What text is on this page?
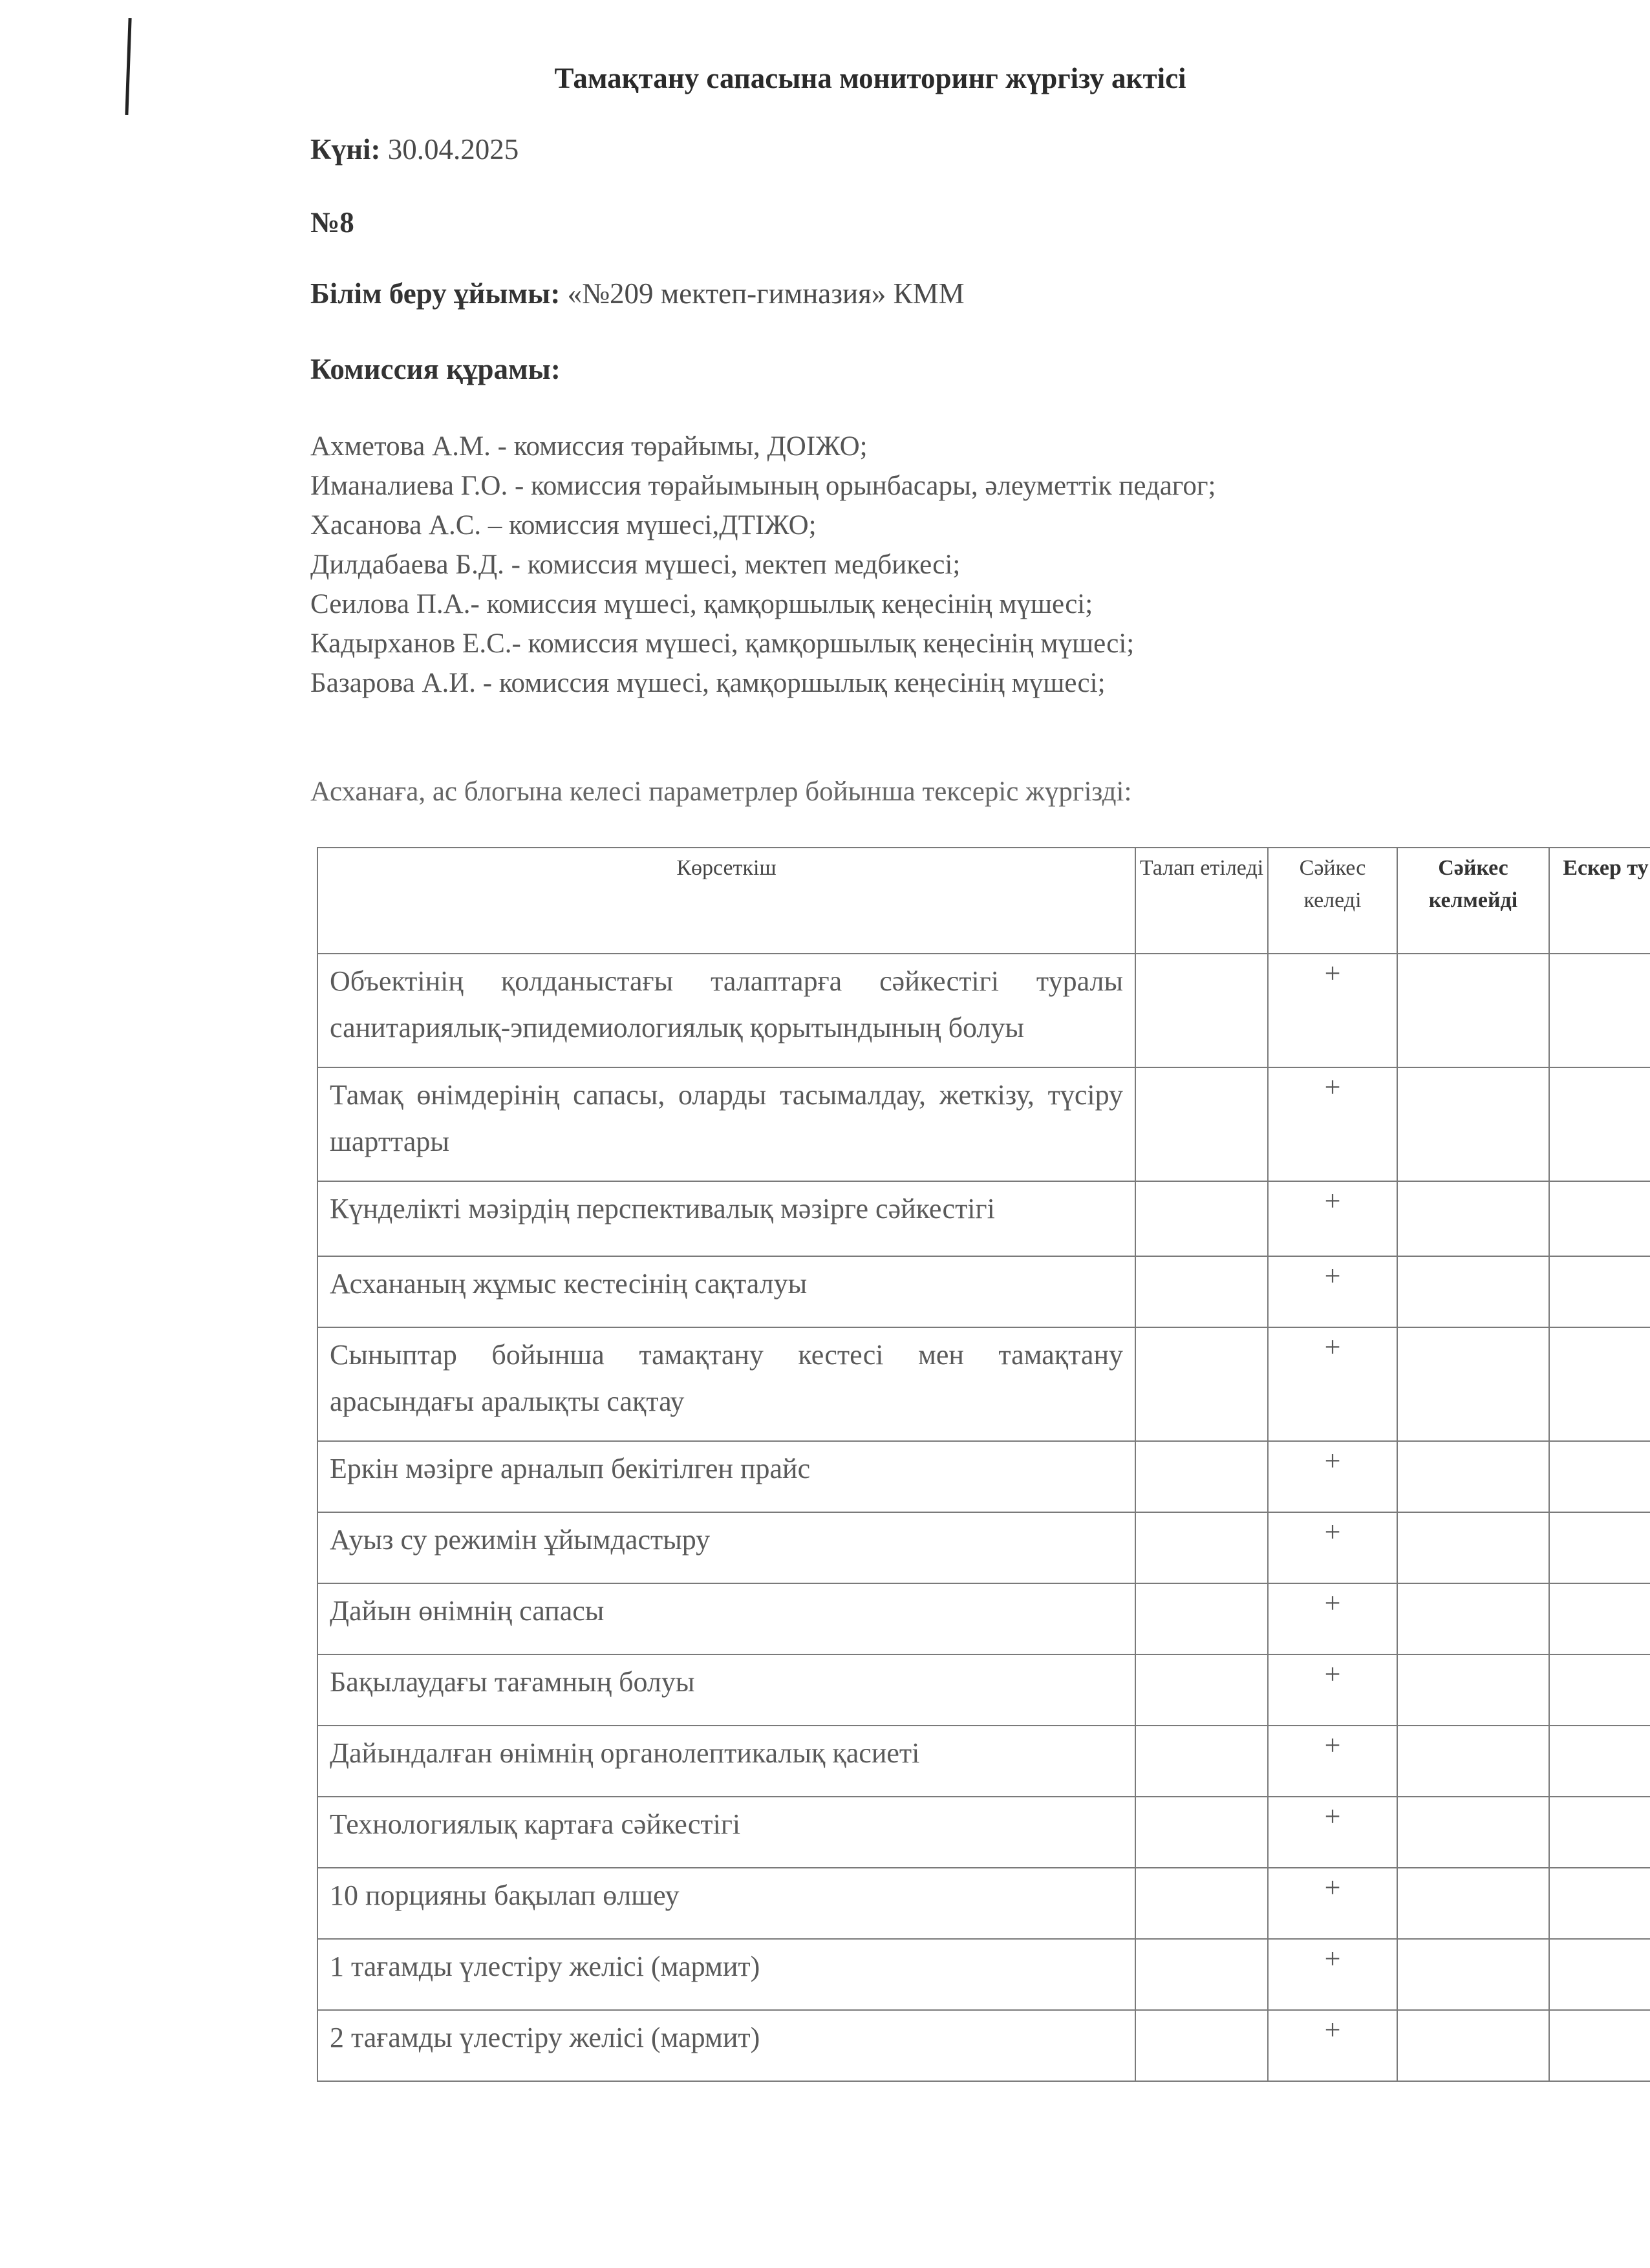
Тамақтану сапасына мониторинг жүргізу актісі
Күні: 30.04.2025
№8
Білім беру ұйымы: «№209 мектеп-гимназия» КММ
Комиссия құрамы:
Ахметова А.М. - комиссия төрайымы, ДОІЖО;
Иманалиева Г.О. - комиссия төрайымының орынбасары, әлеуметтік педагог;
Хасанова А.С. – комиссия мүшесі,ДТІЖО;
Дилдабаева Б.Д. - комиссия мүшесі, мектеп медбикесі;
Сеилова П.А.- комиссия мүшесі, қамқоршылық кеңесінің мүшесі;
Кадырханов Е.С.- комиссия мүшесі, қамқоршылық кеңесінің мүшесі;
Базарова А.И. - комиссия мүшесі, қамқоршылық кеңесінің мүшесі;
Асханаға, ас блогына келесі параметрлер бойынша тексеріс жүргізді:
Көрсеткіш	Талап етіледі	Сәйкес келеді	Сәйкес келмейді	Ескер ту
Объектінің қолданыстағы талаптарға сәйкестігі туралы санитариялық-эпидемиологиялық қорытындының болуы		+		
Тамақ өнімдерінің сапасы, оларды тасымалдау, жеткізу, түсіру шарттары		+		
Күнделікті мәзірдің перспективалық мәзірге сәйкестігі		+		
Асхананың жұмыс кестесінің сақталуы		+		
Сыныптар бойынша тамақтану кестесі мен тамақтану арасындағы аралықты сақтау		+		
Еркін мәзірге арналып бекітілген прайс		+		
Ауыз су режимін ұйымдастыру		+		
Дайын өнімнің сапасы		+		
Бақылаудағы тағамның болуы		+		
Дайындалған өнімнің органолептикалық қасиеті		+		
Технологиялық картаға сәйкестігі		+		
10 порцияны бақылап өлшеу		+		
1 тағамды үлестіру желісі (мармит)		+		
2 тағамды үлестіру желісі (мармит)		+		
